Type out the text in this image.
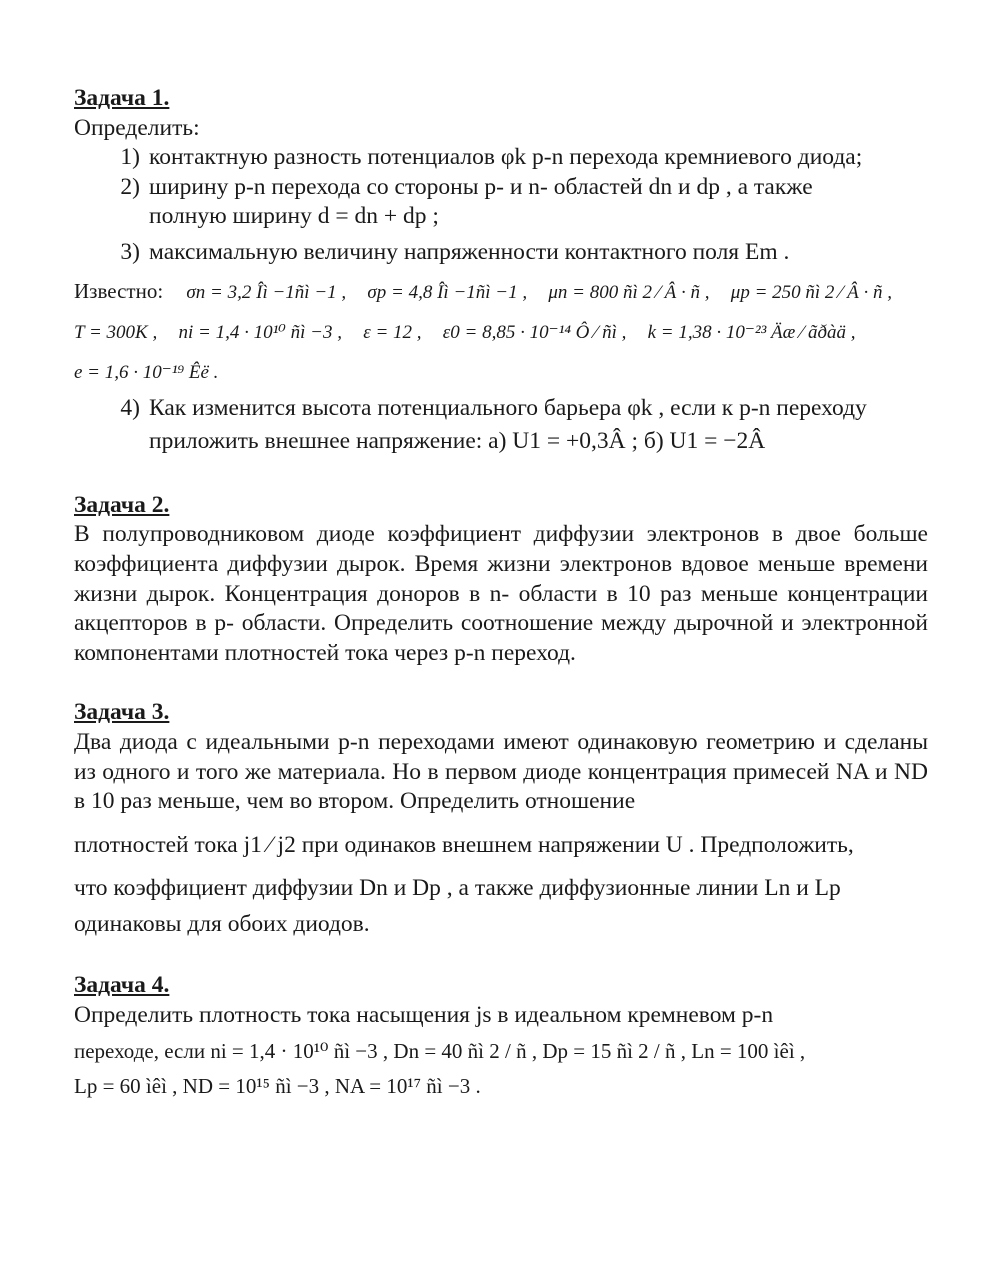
Задача 1.

Определить:

1) контактную разность потенциалов φk p-n перехода кремниевого диода;
2) ширину p-n перехода со стороны p- и n- областей dn и dp , а также
полную ширину d = dn + dp ;
3) максимальную величину напряженности контактного поля Em .

Известно: σn = 3,2 Îì −1ñì −1 , σp = 4,8 Îì −1ñì −1 , μn = 800 ñì 2 ⁄ Â · ñ , μp = 250 ñì 2 ⁄ Â · ñ ,

T = 300K , ni = 1,4 · 10¹⁰ ñì −3 , ε = 12 , ε0 = 8,85 · 10⁻¹⁴ Ô ⁄ ñì , k = 1,38 · 10⁻²³ Äæ ⁄ ãðàä ,

e = 1,6 · 10⁻¹⁹ Êë .

4) Как изменится высота потенциального барьера φk , если к p-n переходу
приложить внешнее напряжение: а) U1 = +0,3Â ; б) U1 = −2Â

Задача 2.

В полупроводниковом диоде коэффициент диффузии электронов в двое больше коэффициента диффузии дырок. Время жизни электронов вдовое меньше времени жизни дырок. Концентрация доноров в n- области в 10 раз меньше концентрации акцепторов в p- области. Определить соотношение между дырочной и электронной компонентами плотностей тока через p-n переход.

Задача 3.

Два диода с идеальными p-n переходами имеют одинаковую геометрию и сделаны из одного и того же материала. Но в первом диоде концентрация примесей NA и ND в 10 раз меньше, чем во втором. Определить отношение

плотностей тока j1 ⁄ j2 при одинаков внешнем напряжении U . Предположить,

что коэффициент диффузии Dn и Dp , а также диффузионные линии Ln и Lp

одинаковы для обоих диодов.

Задача 4.

Определить плотность тока насыщения js в идеальном кремневом p-n

переходе, если ni = 1,4 · 10¹⁰ ñì −3 , Dn = 40 ñì 2 / ñ , Dp = 15 ñì 2 / ñ , Ln = 100 ìêì ,

Lp = 60 ìêì , ND = 10¹⁵ ñì −3 , NA = 10¹⁷ ñì −3 .
